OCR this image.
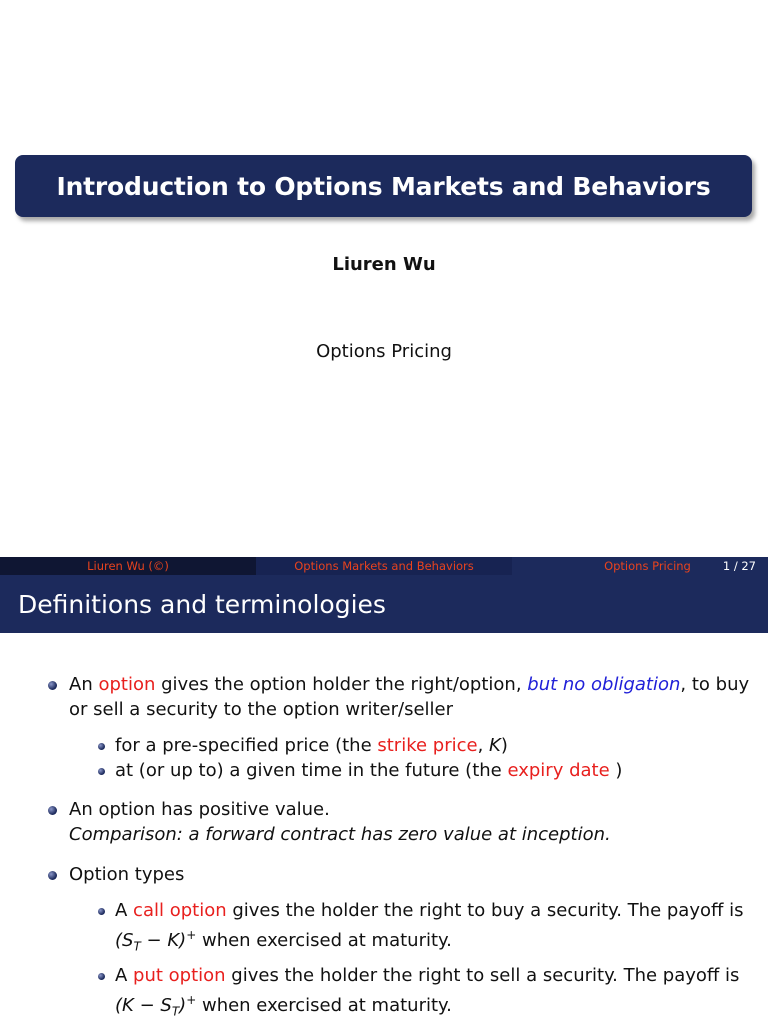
Introduction to Options Markets and Behaviors
Liuren Wu
Options Pricing
Liuren Wu (©)	Options Markets and Behaviors	Options Pricing	1 / 27
Definitions and terminologies
An option gives the option holder the right/option, but no obligation, to buy
or sell a security to the option writer/seller
for a pre-specified price (the strike price, K)
at (or up to) a given time in the future (the expiry date )
An option has positive value.
Comparison: a forward contract has zero value at inception.
Option types
A call option gives the holder the right to buy a security. The payoff is
$(S_T - K)^+$ when exercised at maturity.
A put option gives the holder the right to sell a security. The payoff is
$(K - S_T)^+$ when exercised at maturity.
